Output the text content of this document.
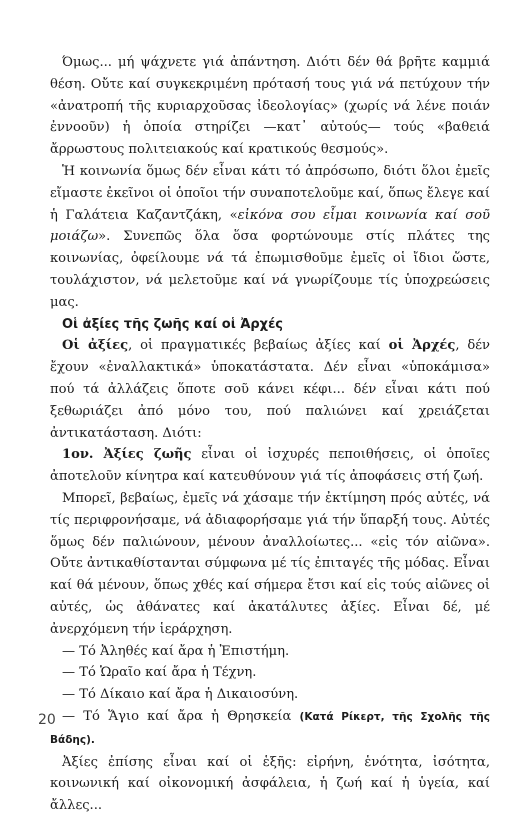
Όμως... μή ψάχνετε γιά ἀπάντηση. Διότι δέν θά βρῆτε καμμιά θέση. Οὔτε καί συγκεκριμένη πρότασή τους γιά νά πετύχουν τήν «ἀνατροπή τῆς κυριαρχοῦσας ἰδεολογίας» (χωρίς νά λένε ποιάν ἐννοοῦν) ἡ ὁποία στηρίζει —κατ᾽ αὐτούς— τούς «βαθειά ἄρρωστους πολιτειακούς καί κρατικούς θεσμούς».

Ἡ κοινωνία ὅμως δέν εἶναι κάτι τό ἀπρόσωπο, διότι ὅλοι ἐμεῖς εἴμαστε ἐκεῖνοι οἱ ὁποῖοι τήν συναποτελοῦμε καί, ὅπως ἔλεγε καί ἡ Γαλάτεια Καζαντζάκη, «εἰκόνα σου εἶμαι κοινωνία καί σοῦ μοιάζω». Συνεπῶς ὅλα ὅσα φορτώνουμε στίς πλάτες της κοινωνίας, ὀφείλουμε νά τά ἐπωμισθοῦμε ἐμεῖς οἱ ἴδιοι ὥστε, τουλάχιστον, νά μελετοῦμε καί νά γνωρίζουμε τίς ὑποχρεώσεις μας.

Οἱ ἀξίες τῆς ζωῆς καί οἱ Ἀρχές

Οἱ ἀξίες, οἱ πραγματικές βεβαίως ἀξίες καί οἱ Ἀρχές, δέν ἔχουν «ἐναλλακτικά» ὑποκατάστατα. Δέν εἶναι «ὑποκάμισα» πού τά ἀλλάζεις ὅποτε σοῦ κάνει κέφι... δέν εἶναι κάτι πού ξεθωριάζει ἀπό μόνο του, πού παλιώνει καί χρειάζεται ἀντικατάσταση. Διότι:

1ον. Ἀξίες ζωῆς εἶναι οἱ ἰσχυρές πεποιθήσεις, οἱ ὁποῖες ἀποτελοῦν κίνητρα καί κατευθύνουν γιά τίς ἀποφάσεις στή ζωή.

Μπορεῖ, βεβαίως, ἐμεῖς νά χάσαμε τήν ἐκτίμηση πρός αὐτές, νά τίς περιφρονήσαμε, νά ἀδιαφορήσαμε γιά τήν ὕπαρξή τους. Αὐτές ὅμως δέν παλιώνουν, μένουν ἀναλλοίωτες... «εἰς τόν αἰῶνα». Οὔτε ἀντικαθίστανται σύμφωνα μέ τίς ἐπιταγές τῆς μόδας. Εἶναι καί θά μένουν, ὅπως χθές καί σήμερα ἔτσι καί εἰς τούς αἰῶνες οἱ αὐτές, ὡς ἀθάνατες καί ἀκατάλυτες ἀξίες. Εἶναι δέ, μέ ἀνερχόμενη τήν ἱεράρχηση.

— Τό Ἀληθές καί ἄρα ἡ Ἐπιστήμη.

— Τό Ὡραῖο καί ἄρα ἡ Τέχνη.

— Τό Δίκαιο καί ἄρα ἡ Δικαιοσύνη.

— Τό Ἅγιο καί ἄρα ἡ Θρησκεία (Κατά Ρίκερτ, τῆς Σχολῆς τῆς Βάδης).

Ἀξίες ἐπίσης εἶναι καί οἱ ἑξῆς: εἰρήνη, ἑνότητα, ἰσότητα, κοινωνική καί οἰκονομική ἀσφάλεια, ἡ ζωή καί ἡ ὑγεία, καί ἄλλες...

20
